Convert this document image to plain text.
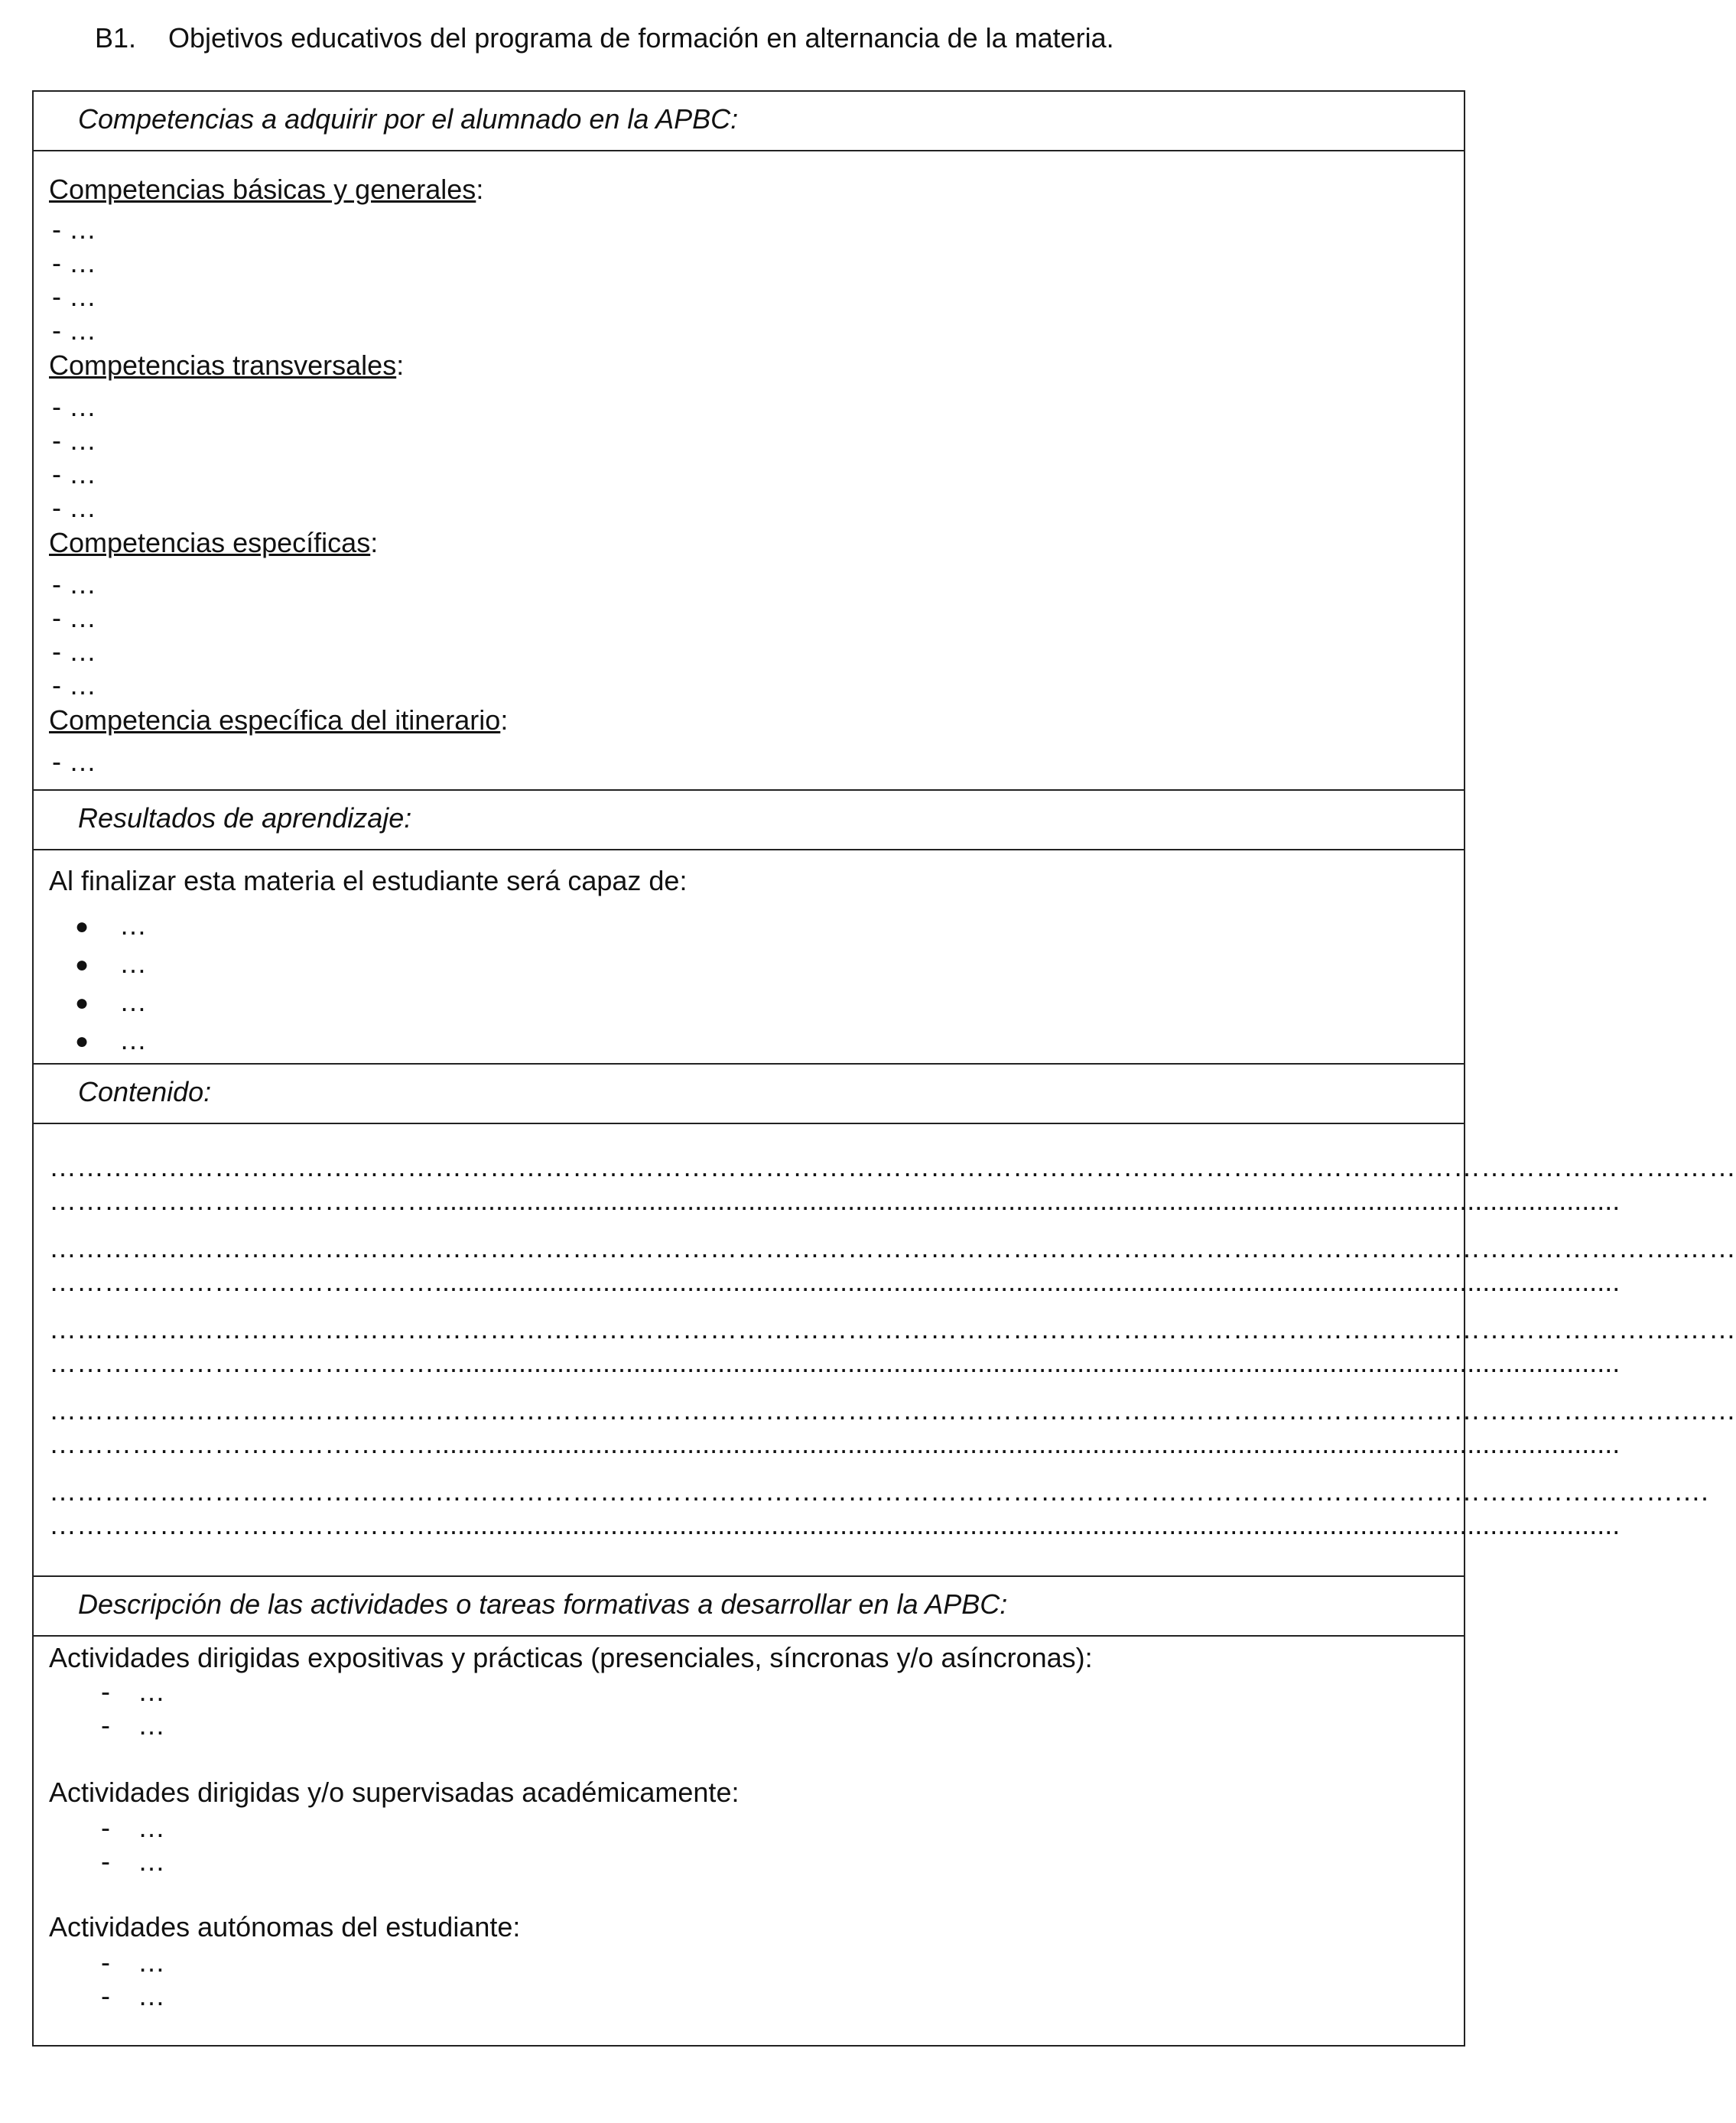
B1. Objetivos educativos del programa de formación en alternancia de la materia.
Competencias a adquirir por el alumnado en la APBC:
Competencias básicas y generales:
- …
- …
- …
- …
Competencias transversales:
- …
- …
- …
- …
Competencias específicas:
- …
- …
- …
- …
Competencia específica del itinerario:
- …
Resultados de aprendizaje:
Al finalizar esta materia el estudiante será capaz de:
● …
● …
● …
● …
Contenido:
…………………………………………………………………………………………………………………………………………………………….……
……………………………………...........................................................................................................................................................
…………………………………………………………………………………………………………………………………………………………….……
……………………………………...........................................................................................................................................................
…………………………………………………………………………………………………………………………………………………………….……
……………………………………...........................................................................................................................................................
…………………………………………………………………………………………………………………………………………………………….……
……………………………………...........................................................................................................................................................
……………………………………………………………………………………………………………………………………………………………….
……………………………………...........................................................................................................................................................
Descripción de las actividades o tareas formativas a desarrollar en la APBC:
Actividades dirigidas expositivas y prácticas (presenciales, síncronas y/o asíncronas):
- …
- …
Actividades dirigidas y/o supervisadas académicamente:
- …
- …
Actividades autónomas del estudiante:
- …
- …
